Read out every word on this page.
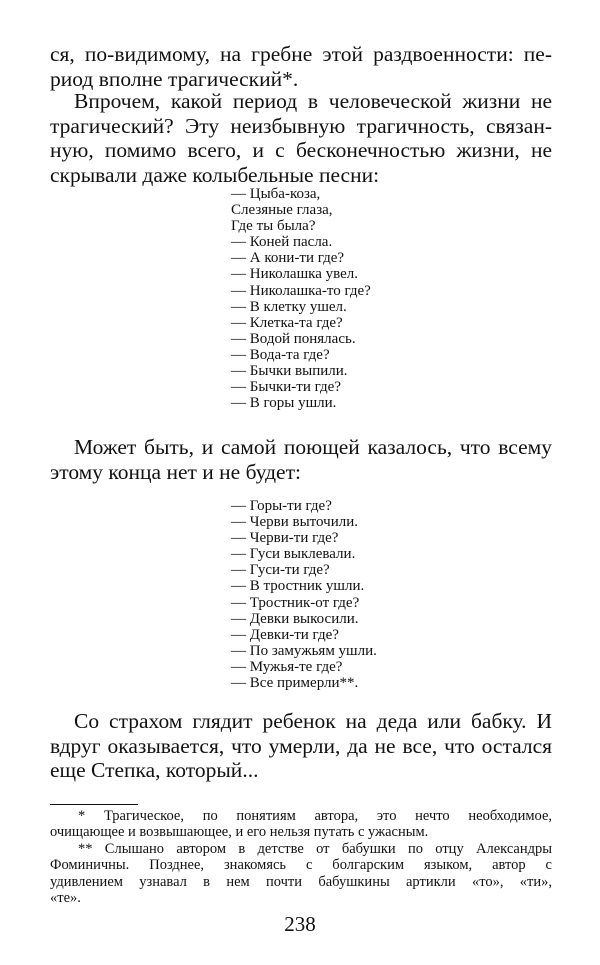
ся, по-видимому, на гребне этой раздвоенности: пе-
риод вполне трагический*.

Впрочем, какой период в человеческой жизни не
трагический? Эту неизбывную трагичность, связан-
ную, помимо всего, и с бесконечностью жизни, не
скрывали даже колыбельные песни:

— Цыба-коза,
Слезяные глаза,
Где ты была?
— Коней пасла.
— А кони-ти где?
— Николашка увел.
— Николашка-то где?
— В клетку ушел.
— Клетка-та где?
— Водой понялась.
— Вода-та где?
— Бычки выпили.
— Бычки-ти где?
— В горы ушли.

Может быть, и самой поющей казалось, что всему
этому конца нет и не будет:

— Горы-ти где?
— Черви выточили.
— Черви-ти где?
— Гуси выклевали.
— Гуси-ти где?
— В тростник ушли.
— Тростник-от где?
— Девки выкосили.
— Девки-ти где?
— По замужьям ушли.
— Мужья-те где?
— Все примерли**.

Со страхом глядит ребенок на деда или бабку. И
вдруг оказывается, что умерли, да не все, что остался
еще Степка, который...

* Трагическое, по понятиям автора, это нечто необходимое,
очищающее и возвышающее, и его нельзя путать с ужасным.

** Слышано автором в детстве от бабушки по отцу Александры
Фоминичны. Позднее, знакомясь с болгарским языком, автор с
удивлением узнавал в нем почти бабушкины артикли «то», «ти»,
«те».

238
